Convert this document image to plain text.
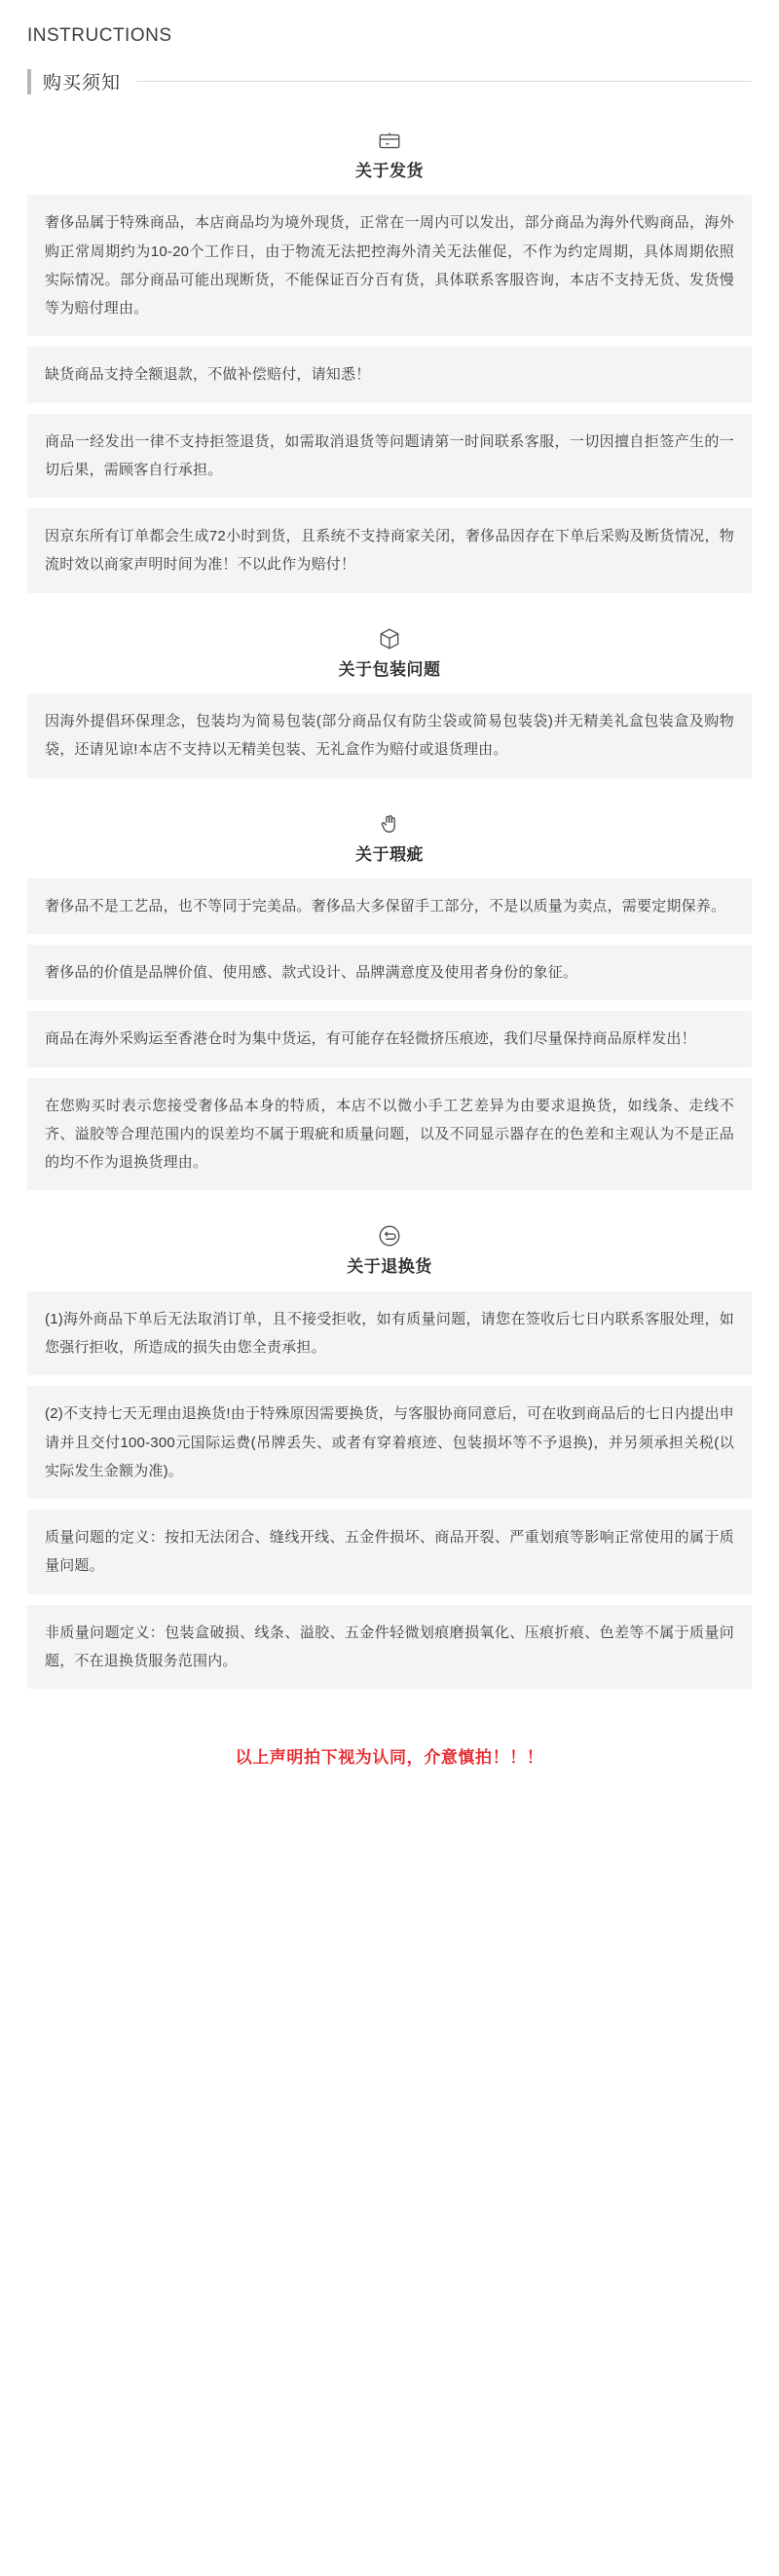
INSTRUCTIONS
购买须知
关于发货
奢侈品属于特殊商品，本店商品均为境外现货，正常在一周内可以发出，部分商品为海外代购商品，海外购正常周期约为10-20个工作日，由于物流无法把控海外清关无法催促，不作为约定周期，具体周期依照实际情况。部分商品可能出现断货，不能保证百分百有货，具体联系客服咨询，本店不支持无货、发货慢等为赔付理由。
缺货商品支持全额退款，不做补偿赔付，请知悉！
商品一经发出一律不支持拒签退货，如需取消退货等问题请第一时间联系客服，一切因擅自拒签产生的一切后果，需顾客自行承担。
因京东所有订单都会生成72小时到货，且系统不支持商家关闭，奢侈品因存在下单后采购及断货情况，物流时效以商家声明时间为准！不以此作为赔付！
关于包装问题
因海外提倡环保理念，包装均为简易包装(部分商品仅有防尘袋或简易包装袋)并无精美礼盒包装盒及购物袋，还请见谅!本店不支持以无精美包装、无礼盒作为赔付或退货理由。
关于瑕疵
奢侈品不是工艺品，也不等同于完美品。奢侈品大多保留手工部分，不是以质量为卖点，需要定期保养。
奢侈品的价值是品牌价值、使用感、款式设计、品牌满意度及使用者身份的象征。
商品在海外采购运至香港仓时为集中货运，有可能存在轻微挤压痕迹，我们尽量保持商品原样发出！
在您购买时表示您接受奢侈品本身的特质，本店不以微小手工艺差异为由要求退换货，如线条、走线不齐、溢胶等合理范围内的误差均不属于瑕疵和质量问题，以及不同显示器存在的色差和主观认为不是正品的均不作为退换货理由。
关于退换货
(1)海外商品下单后无法取消订单，且不接受拒收，如有质量问题，请您在签收后七日内联系客服处理，如您强行拒收，所造成的损失由您全责承担。
(2)不支持七天无理由退换货!由于特殊原因需要换货，与客服协商同意后，可在收到商品后的七日内提出申请并且交付100-300元国际运费(吊牌丢失、或者有穿着痕迹、包装损坏等不予退换)，并另须承担关税(以实际发生金额为准)。
质量问题的定义：按扣无法闭合、缝线开线、五金件损坏、商品开裂、严重划痕等影响正常使用的属于质量问题。
非质量问题定义：包装盒破损、线条、溢胶、五金件轻微划痕磨损氧化、压痕折痕、色差等不属于质量问题，不在退换货服务范围内。
以上声明拍下视为认同，介意慎拍！！！
